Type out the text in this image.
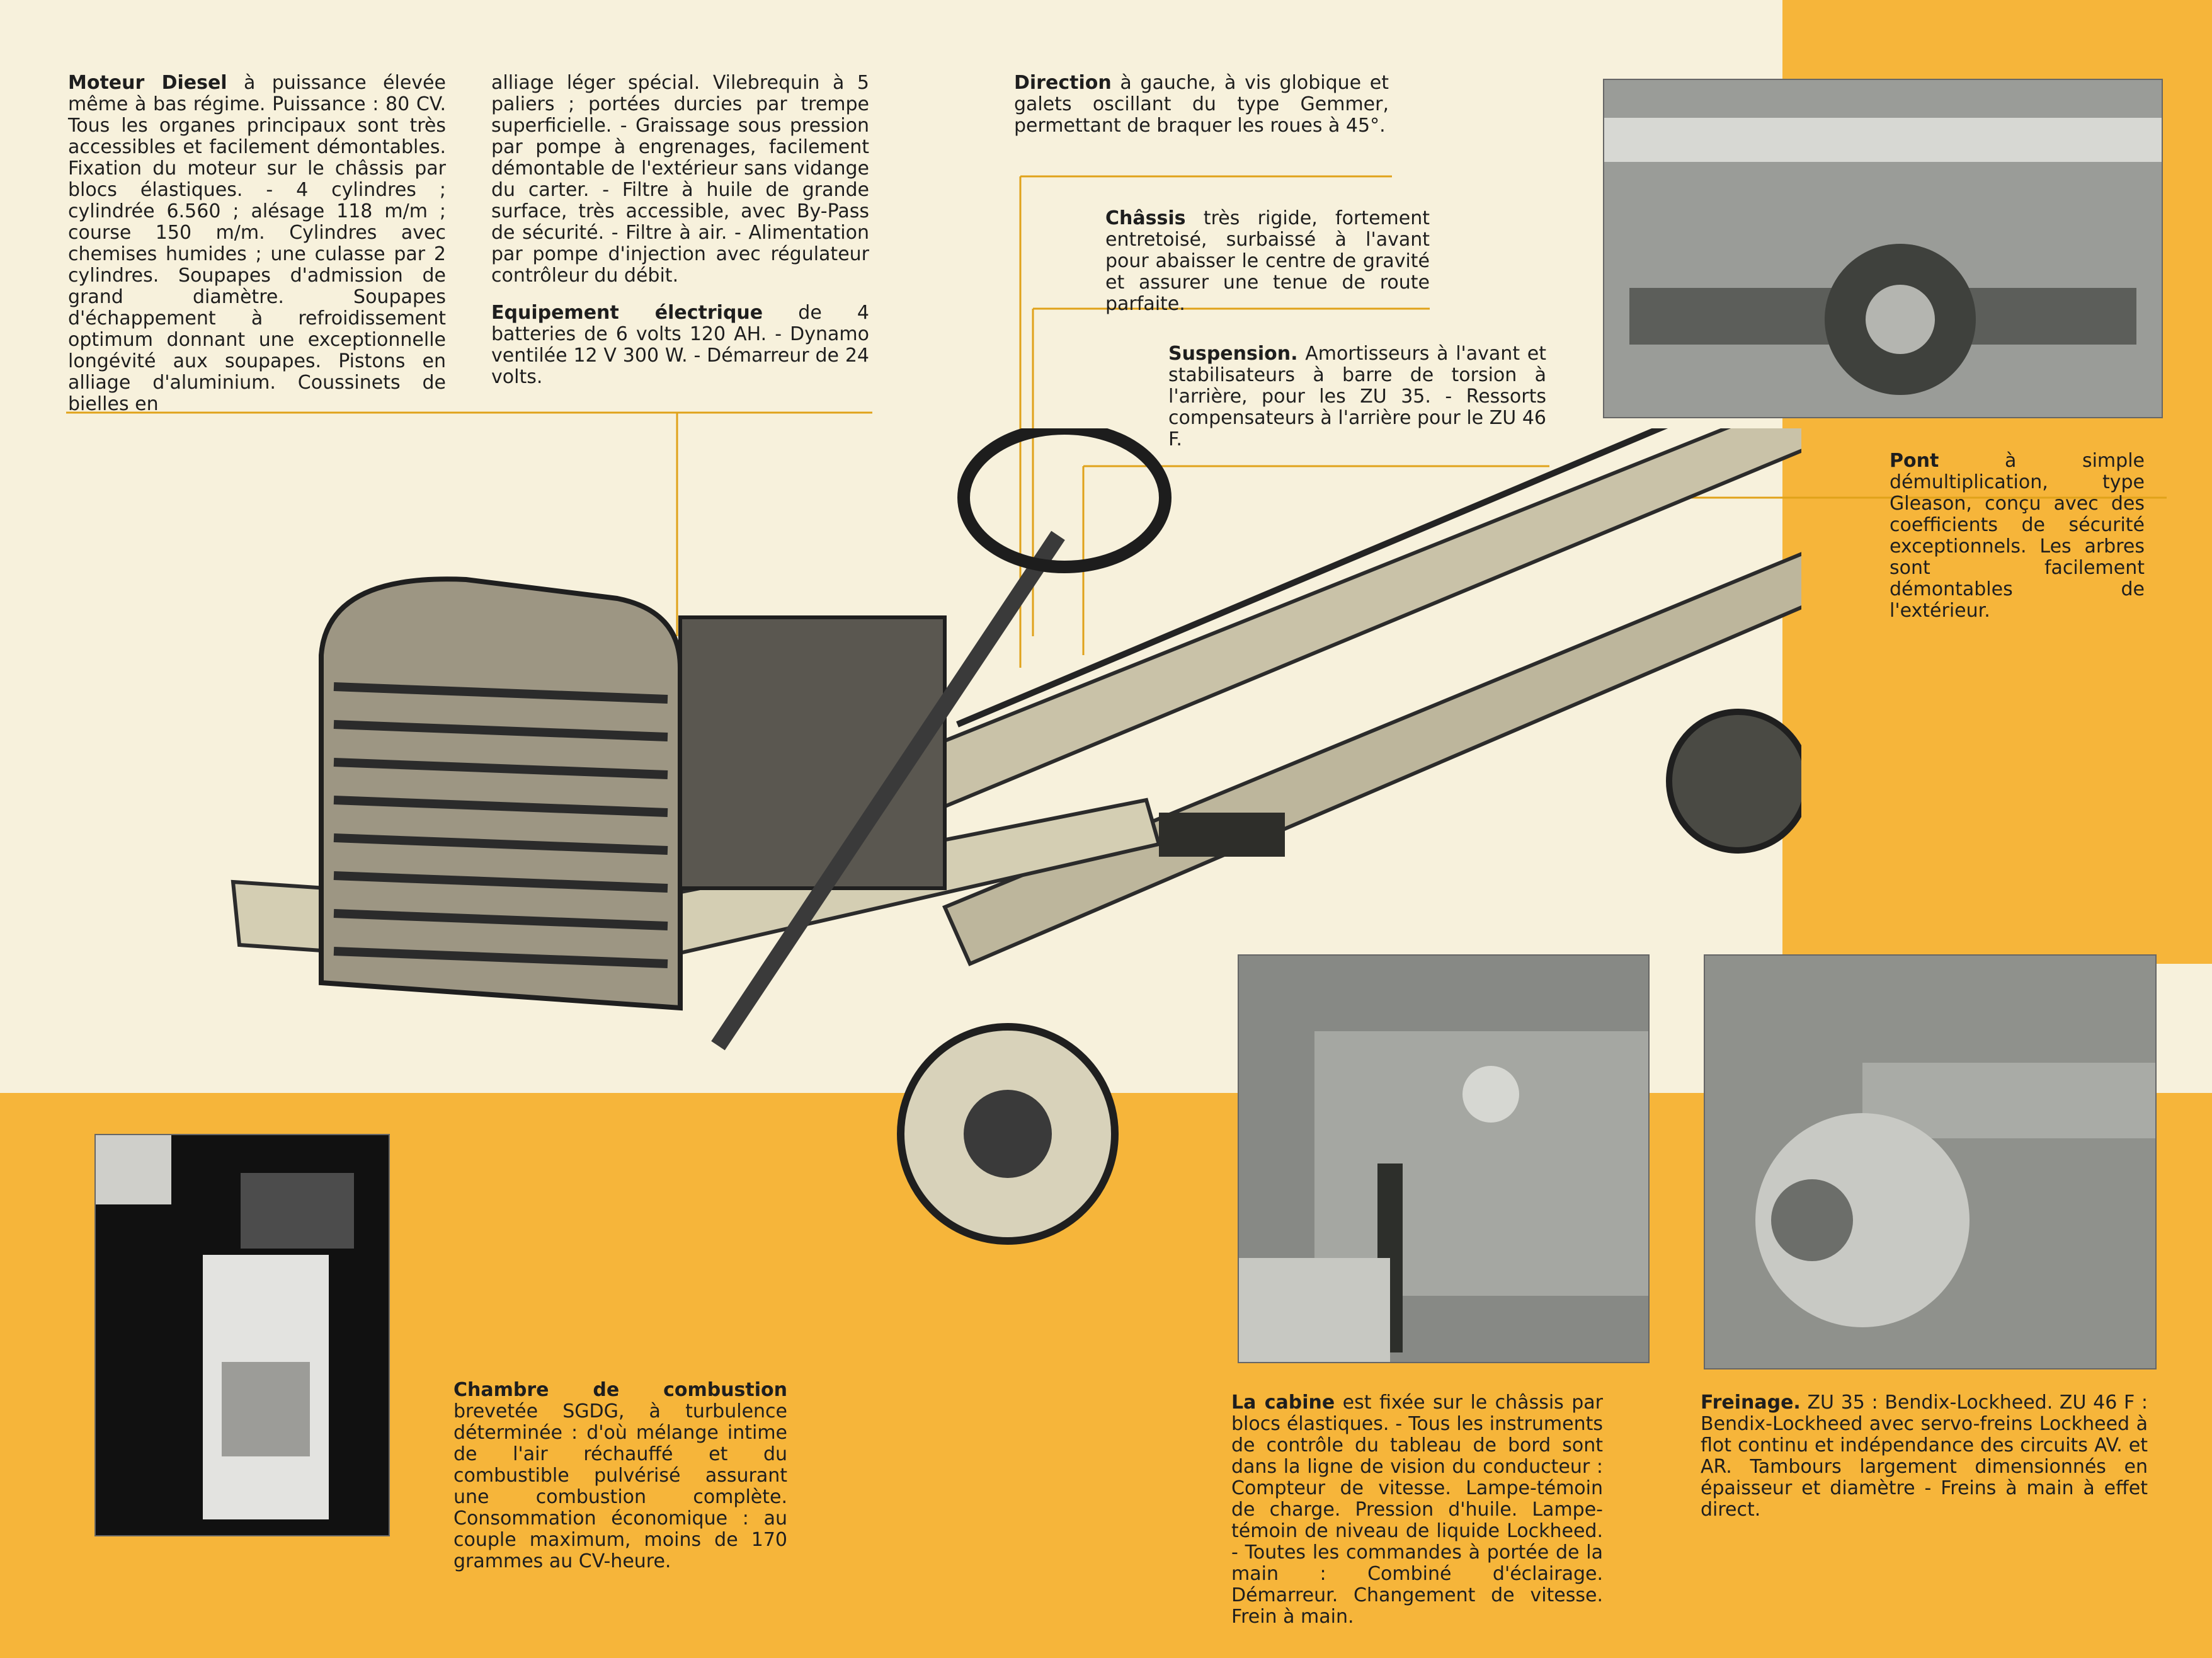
Moteur Diesel à puissance élevée même à bas régime. Puissance : 80 CV. Tous les organes principaux sont très accessibles et facilement démontables. Fixation du moteur sur le châssis par blocs élastiques. - 4 cylindres ; cylindrée 6.560 ; alésage 118 m/m ; course 150 m/m. Cylindres avec chemises humides ; une culasse par 2 cylindres. Soupapes d'admission de grand diamètre. Soupapes d'échappement à refroidissement optimum donnant une exceptionnelle longévité aux soupapes. Pistons en alliage d'aluminium. Coussinets de bielles en

alliage léger spécial. Vilebrequin à 5 paliers ; portées durcies par trempe superficielle. - Graissage sous pression par pompe à engrenages, facilement démontable de l'extérieur sans vidange du carter. - Filtre à huile de grande surface, très accessible, avec By-Pass de sécurité. - Filtre à air. - Alimentation par pompe d'injection avec régulateur contrôleur du débit.

Equipement électrique de 4 batteries de 6 volts 120 AH. - Dynamo ventilée 12 V 300 W. - Démarreur de 24 volts.

Direction à gauche, à vis globique et galets oscillant du type Gemmer, permettant de braquer les roues à 45°.

Châssis très rigide, fortement entretoisé, surbaissé à l'avant pour abaisser le centre de gravité et assurer une tenue de route parfaite.

Suspension. Amortisseurs à l'avant et stabilisateurs à barre de torsion à l'arrière, pour les ZU 35. - Ressorts compensateurs à l'arrière pour le ZU 46 F.

Pont à simple démultiplication, type Gleason, conçu avec des coefficients de sécurité exceptionnels. Les arbres sont facilement démontables de l'extérieur.

Chambre de combustion brevetée SGDG, à turbulence déterminée : d'où mélange intime de l'air réchauffé et du combustible pulvérisé assurant une combustion complète. Consommation économique : au couple maximum, moins de 170 grammes au CV-heure.

La cabine est fixée sur le châssis par blocs élastiques. - Tous les instruments de contrôle du tableau de bord sont dans la ligne de vision du conducteur : Compteur de vitesse. Lampe-témoin de charge. Pression d'huile. Lampe-témoin de niveau de liquide Lockheed. - Toutes les commandes à portée de la main : Combiné d'éclairage. Démarreur. Changement de vitesse. Frein à main.

Freinage. ZU 35 : Bendix-Lockheed. ZU 46 F : Bendix-Lockheed avec servo-freins Lockheed à flot continu et indépendance des circuits AV. et AR. Tambours largement dimensionnés en épaisseur et diamètre - Freins à main à effet direct.
